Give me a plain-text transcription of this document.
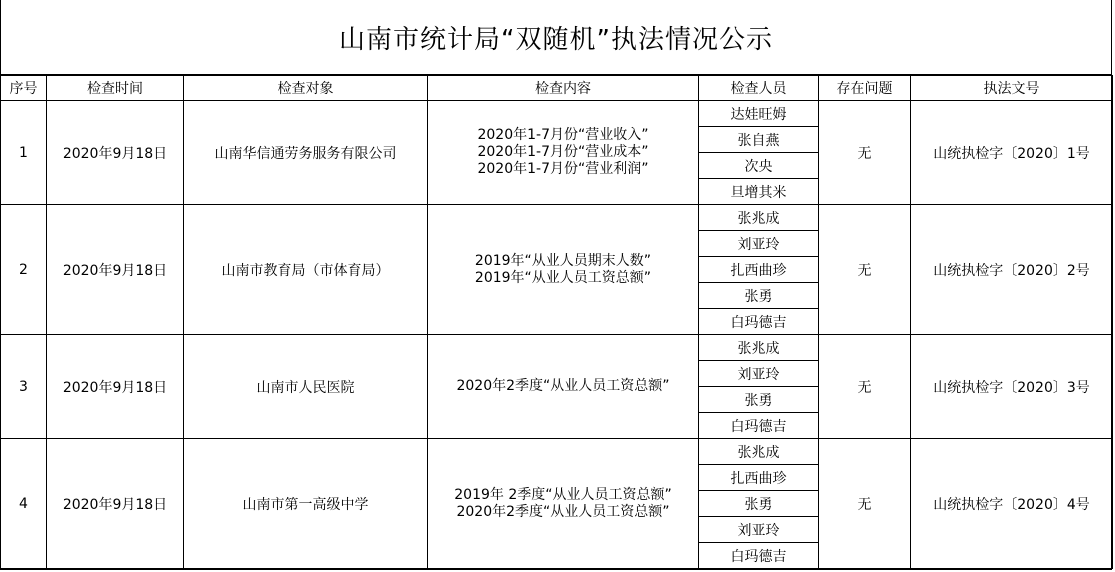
山南市统计局“双随机”执法情况公示
序号	检查时间	检查对象	检查内容	检查人员	存在问题	执法文号
1	2020年9月18日	山南华信通劳务服务有限公司	2020年1-7月份“营业收入”
2020年1-7月份“营业成本”
2020年1-7月份“营业利润”	达娃旺姆	无	山统执检字〔2020〕1号
				张自燕		
				次央		
				旦增其米		
2	2020年9月18日	山南市教育局（市体育局）	2019年“从业人员期末人数”
2019年“从业人员工资总额”	张兆成	无	山统执检字〔2020〕2号
				刘亚玲		
				扎西曲珍		
				张勇		
				白玛德吉		
3	2020年9月18日	山南市人民医院	2020年2季度“从业人员工资总额”	张兆成	无	山统执检字〔2020〕3号
				刘亚玲		
				张勇		
				白玛德吉		
4	2020年9月18日	山南市第一高级中学	2019年 2季度“从业人员工资总额”
2020年2季度“从业人员工资总额”	张兆成	无	山统执检字〔2020〕4号
				扎西曲珍		
				张勇		
				刘亚玲		
				白玛德吉		
